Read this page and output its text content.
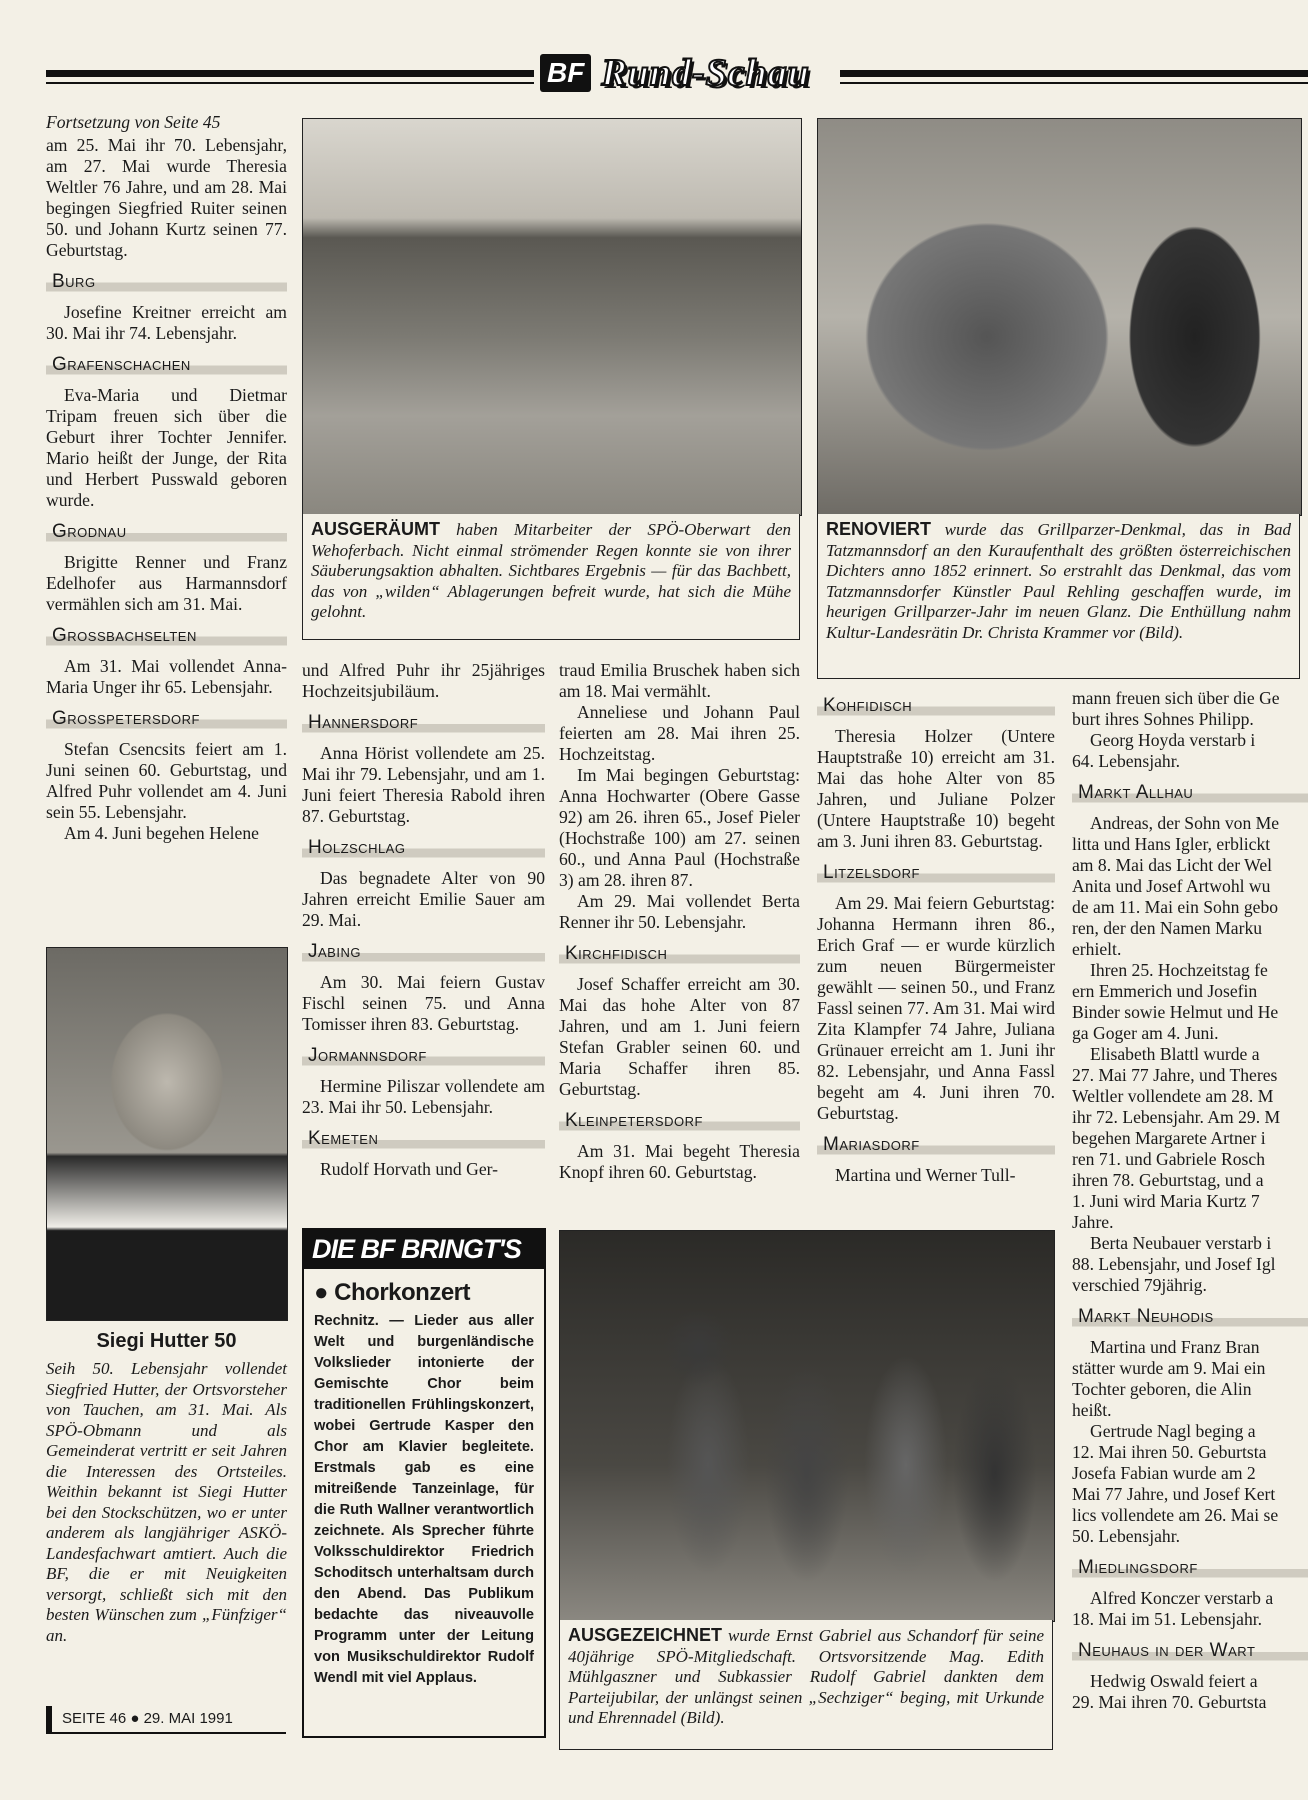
BF Rund-Schau

Fortsetzung von Seite 45

am 25. Mai ihr 70. Lebensjahr, am 27. Mai wurde Theresia Weltler 76 Jahre, und am 28. Mai begingen Siegfried Ruiter seinen 50. und Johann Kurtz seinen 77. Geburtstag.

Burg

Josefine Kreitner erreicht am 30. Mai ihr 74. Lebensjahr.

Grafenschachen

Eva-Maria und Dietmar Tripam freuen sich über die Geburt ihrer Tochter Jennifer. Mario heißt der Junge, der Rita und Herbert Pusswald geboren wurde.

Grodnau

Brigitte Renner und Franz Edelhofer aus Harmannsdorf vermählen sich am 31. Mai.

Grossbachselten

Am 31. Mai vollendet Anna-Maria Unger ihr 65. Lebensjahr.

Grosspetersdorf

Stefan Csencsits feiert am 1. Juni seinen 60. Geburtstag, und Alfred Puhr vollendet am 4. Juni sein 55. Lebensjahr.

Am 4. Juni begehen Helene

Siegi Hutter 50
Seih 50. Lebensjahr vollendet Siegfried Hutter, der Ortsvorsteher von Tauchen, am 31. Mai. Als SPÖ-Obmann und als Gemeinderat vertritt er seit Jahren die Interessen des Ortsteiles. Weithin bekannt ist Siegi Hutter bei den Stockschützen, wo er unter anderem als langjähriger ASKÖ-Landesfachwart amtiert. Auch die BF, die er mit Neuigkeiten versorgt, schließt sich mit den besten Wünschen zum „Fünfziger“ an.
SEITE 46 ● 29. MAI 1991
AUSGERÄUMT haben Mitarbeiter der SPÖ-Oberwart den Wehoferbach. Nicht einmal strömender Regen konnte sie von ihrer Säuberungsaktion abhalten. Sichtbares Ergebnis — für das Bachbett, das von „wilden“ Ablagerungen befreit wurde, hat sich die Mühe gelohnt.
RENOVIERT wurde das Grillparzer-Denkmal, das in Bad Tatzmannsdorf an den Kuraufenthalt des größten österreichischen Dichters anno 1852 erinnert. So erstrahlt das Denkmal, das vom Tatzmannsdorfer Künstler Paul Rehling geschaffen wurde, im heurigen Grillparzer-Jahr im neuen Glanz. Die Enthüllung nahm Kultur-Landesrätin Dr. Christa Krammer vor (Bild).

und Alfred Puhr ihr 25jähriges Hochzeitsjubiläum.

Hannersdorf

Anna Hörist vollendete am 25. Mai ihr 79. Lebensjahr, und am 1. Juni feiert Theresia Rabold ihren 87. Geburtstag.

Holzschlag

Das begnadete Alter von 90 Jahren erreicht Emilie Sauer am 29. Mai.

Jabing

Am 30. Mai feiern Gustav Fischl seinen 75. und Anna Tomisser ihren 83. Geburtstag.

Jormannsdorf

Hermine Piliszar vollendete am 23. Mai ihr 50. Lebensjahr.

Kemeten

Rudolf Horvath und Ger-

traud Emilia Bruschek haben sich am 18. Mai vermählt.

Anneliese und Johann Paul feierten am 28. Mai ihren 25. Hochzeitstag.

Im Mai begingen Geburtstag: Anna Hochwarter (Obere Gasse 92) am 26. ihren 65., Josef Pieler (Hochstraße 100) am 27. seinen 60., und Anna Paul (Hochstraße 3) am 28. ihren 87.

Am 29. Mai vollendet Berta Renner ihr 50. Lebensjahr.

Kirchfidisch

Josef Schaffer erreicht am 30. Mai das hohe Alter von 87 Jahren, und am 1. Juni feiern Stefan Grabler seinen 60. und Maria Schaffer ihren 85. Geburtstag.

Kleinpetersdorf

Am 31. Mai begeht Theresia Knopf ihren 60. Geburtstag.

Kohfidisch

Theresia Holzer (Untere Hauptstraße 10) erreicht am 31. Mai das hohe Alter von 85 Jahren, und Juliane Polzer (Untere Hauptstraße 10) begeht am 3. Juni ihren 83. Geburtstag.

Litzelsdorf

Am 29. Mai feiern Geburtstag: Johanna Hermann ihren 86., Erich Graf — er wurde kürzlich zum neuen Bürgermeister gewählt — seinen 50., und Franz Fassl seinen 77. Am 31. Mai wird Zita Klampfer 74 Jahre, Juliana Grünauer erreicht am 1. Juni ihr 82. Lebensjahr, und Anna Fassl begeht am 4. Juni ihren 70. Geburtstag.

Mariasdorf

Martina und Werner Tull-

mann freuen sich über die Ge
burt ihres Sohnes Philipp.
Georg Hoyda verstarb i
64. Lebensjahr.
Markt Allhau
Andreas, der Sohn von Me
litta und Hans Igler, erblickt
am 8. Mai das Licht der Wel
Anita und Josef Artwohl wu
de am 11. Mai ein Sohn gebo
ren, der den Namen Marku
erhielt.
Ihren 25. Hochzeitstag fe
ern Emmerich und Josefin
Binder sowie Helmut und He
ga Goger am 4. Juni.
Elisabeth Blattl wurde a
27. Mai 77 Jahre, und Theres
Weltler vollendete am 28. M
ihr 72. Lebensjahr. Am 29. M
begehen Margarete Artner i
ren 71. und Gabriele Rosch
ihren 78. Geburtstag, und a
1. Juni wird Maria Kurtz 7
Jahre.
Berta Neubauer verstarb i
88. Lebensjahr, und Josef Igl
verschied 79jährig.
Markt Neuhodis
Martina und Franz Bran
stätter wurde am 9. Mai ein
Tochter geboren, die Alin
heißt.
Gertrude Nagl beging a
12. Mai ihren 50. Geburtsta
Josefa Fabian wurde am 2
Mai 77 Jahre, und Josef Kert
lics vollendete am 26. Mai se
50. Lebensjahr.
Miedlingsdorf
Alfred Konczer verstarb a
18. Mai im 51. Lebensjahr.
Neuhaus in der Wart
Hedwig Oswald feiert a
29. Mai ihren 70. Geburtsta
DIE BF BRINGT'S
● Chorkonzert
Rechnitz. — Lieder aus aller Welt und burgenländische Volkslieder intonierte der Gemischte Chor beim traditionellen Frühlingskonzert, wobei Gertrude Kasper den Chor am Klavier begleitete. Erstmals gab es eine mitreißende Tanzeinlage, für die Ruth Wallner verantwortlich zeichnete. Als Sprecher führte Volksschuldirektor Friedrich Schoditsch unterhaltsam durch den Abend. Das Publikum bedachte das niveauvolle Programm unter der Leitung von Musikschuldirektor Rudolf Wendl mit viel Applaus.
AUSGEZEICHNET wurde Ernst Gabriel aus Schandorf für seine 40jährige SPÖ-Mitgliedschaft. Ortsvorsitzende Mag. Edith Mühlgaszner und Subkassier Rudolf Gabriel dankten dem Parteijubilar, der unlängst seinen „Sechziger“ beging, mit Urkunde und Ehrennadel (Bild).
